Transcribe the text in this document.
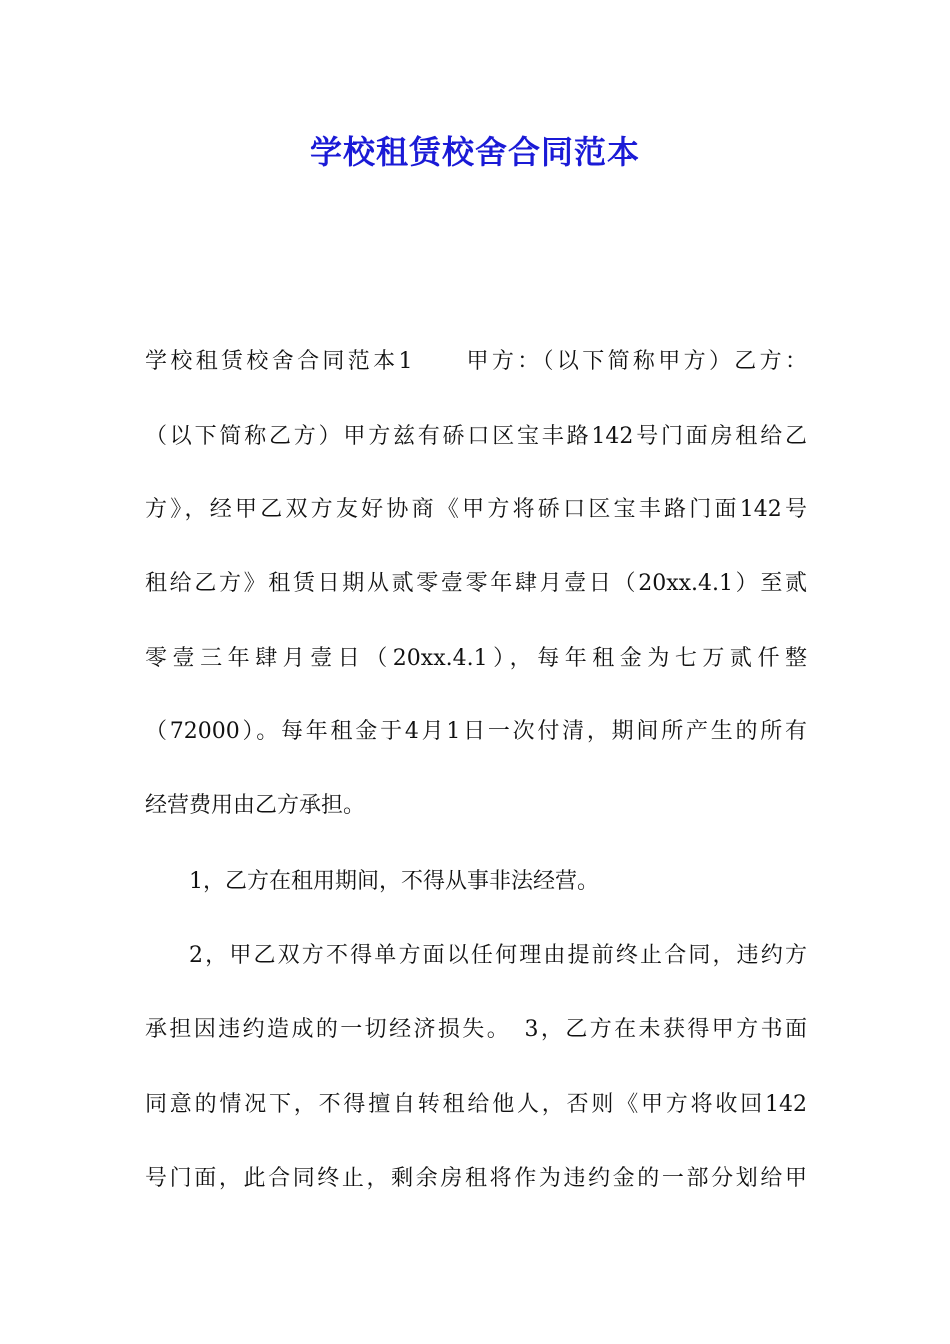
学校租赁校舍合同范本
学校租赁校舍合同范本1　　甲方：（以下简称甲方）乙方：
（以下简称乙方）甲方兹有硚口区宝丰路142号门面房租给乙
方》，经甲乙双方友好协商《甲方将硚口区宝丰路门面142号
租给乙方》租赁日期从贰零壹零年肆月壹日（20xx.4.1）至贰
零壹三年肆月壹日（20xx.4.1），每年租金为七万贰仟整
（72000）。每年租金于4月1日一次付清，期间所产生的所有
经营费用由乙方承担。
1，乙方在租用期间，不得从事非法经营。
2，甲乙双方不得单方面以任何理由提前终止合同，违约方
承担因违约造成的一切经济损失。　3，乙方在未获得甲方书面
同意的情况下，不得擅自转租给他人，否则《甲方将收回142
号门面，此合同终止，剩余房租将作为违约金的一部分划给甲
